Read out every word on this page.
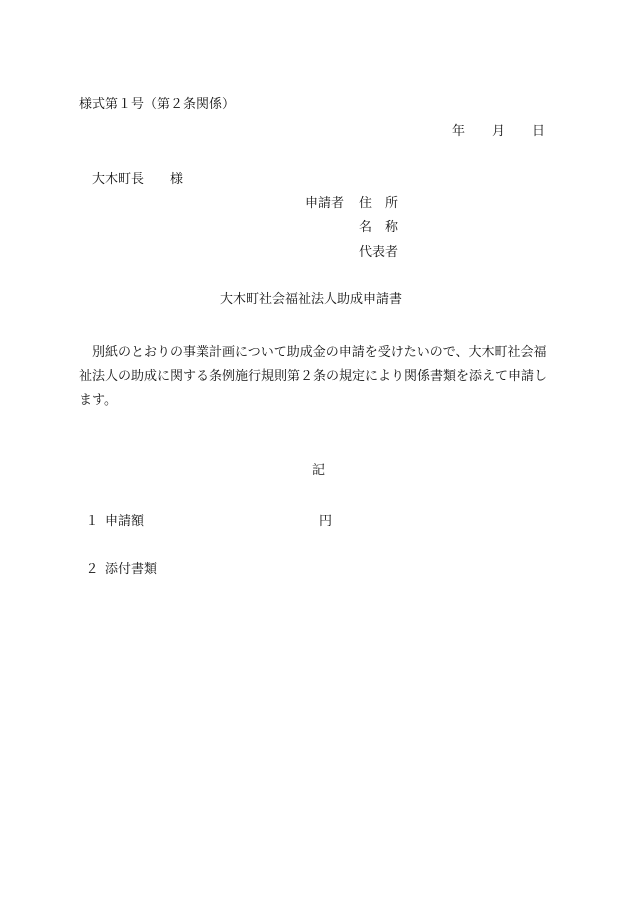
様式第１号（第２条関係）
年 月 日
大木町長 様
申請者 住　所
名　称
代表者
大木町社会福祉法人助成申請書
別紙のとおりの事業計画について助成金の申請を受けたいので、大木町社会福祉法人の助成に関する条例施行規則第２条の規定により関係書類を添えて申請します。
記
１ 申請額	円
２ 添付書類
